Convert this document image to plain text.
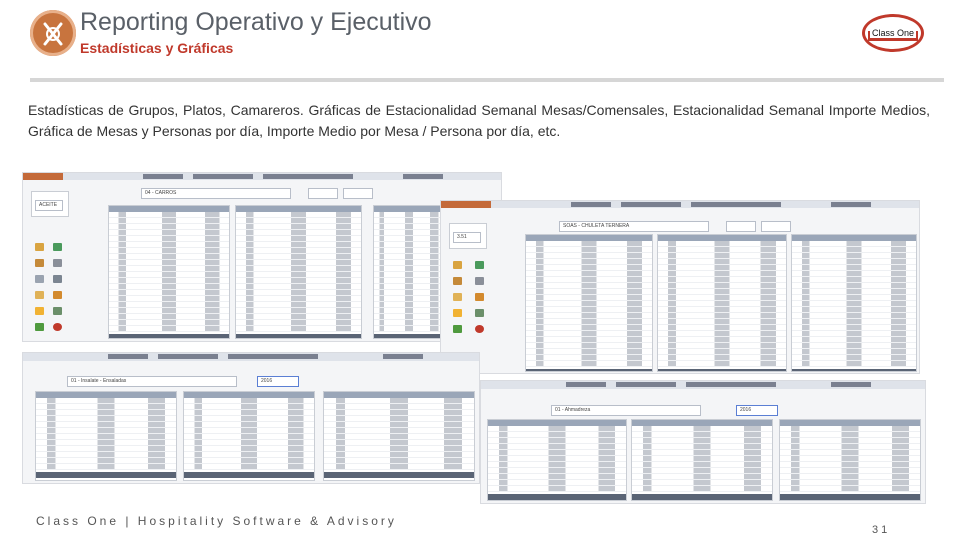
Reporting Operativo y Ejecutivo
Estadísticas y Gráficas
Class One
Estadísticas de Grupos, Platos, Camareros. Gráficas de Estacionalidad Semanal Mesas/Comensales, Estacionalidad Semanal Importe Medios, Gráfica de Mesas y Personas por día, Importe Medio por Mesa / Persona por día, etc.
ACEITE
04 - CARROS
3.51
SOAS - CHULETA TERNERA
01 - Insalate - Ensaladas	2016
01 - Ahmadreza	2016
Class One | Hospitality Software & Advisory
31
